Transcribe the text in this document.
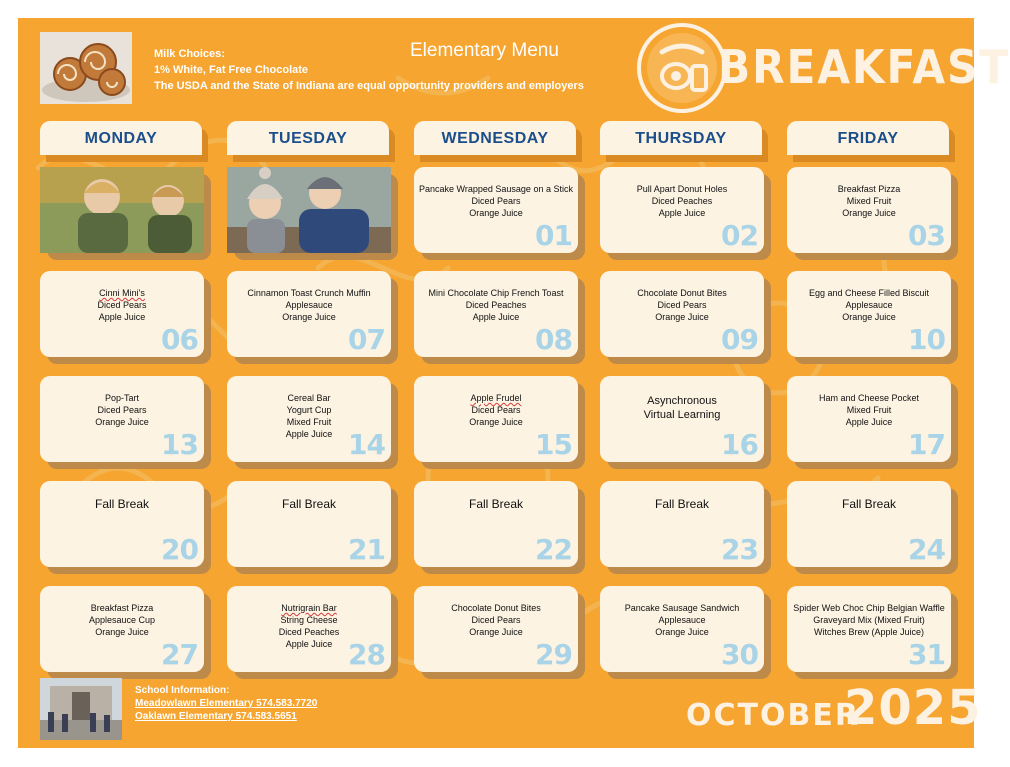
Milk Choices:
1% White, Fat Free Chocolate
The USDA and the State of Indiana are equal opportunity providers and employers
Elementary Menu	BREAKFAST
MONDAY	TUESDAY	WEDNESDAY	THURSDAY	FRIDAY
Pancake Wrapped Sausage on a Stick
Diced Pears
Orange Juice
01
Pull Apart Donut Holes
Diced Peaches
Apple Juice
02
Breakfast Pizza
Mixed Fruit
Orange Juice
03
Cinni Mini's
Diced Pears
Apple Juice
06
Cinnamon Toast Crunch Muffin
Applesauce
Orange Juice
07
Mini Chocolate Chip French Toast
Diced Peaches
Apple Juice
08
Chocolate Donut Bites
Diced Pears
Orange Juice
09
Egg and Cheese Filled Biscuit
Applesauce
Orange Juice
10
Pop-Tart
Diced Pears
Orange Juice
13
Cereal Bar
Yogurt Cup
Mixed Fruit
Apple Juice 14
Apple Frudel
Diced Pears
Orange Juice
15
Asynchronous
Virtual Learning
16
Ham and Cheese Pocket
Mixed Fruit
Apple Juice
17
Fall Break
20
Fall Break
21
Fall Break
22
Fall Break
23
Fall Break
24
Breakfast Pizza
Applesauce Cup
Orange Juice
27
Nutrigrain Bar
String Cheese
Diced Peaches
Apple Juice 28
Chocolate Donut Bites
Diced Pears
Orange Juice
29
Pancake Sausage Sandwich
Applesauce
Orange Juice
30
Spider Web Choc Chip Belgian Waffle
Graveyard Mix (Mixed Fruit)
Witches Brew (Apple Juice)
31
School Information:
Meadowlawn Elementary 574.583.7720
Oaklawn Elementary 574.583.5651	OCTOBER
2025
